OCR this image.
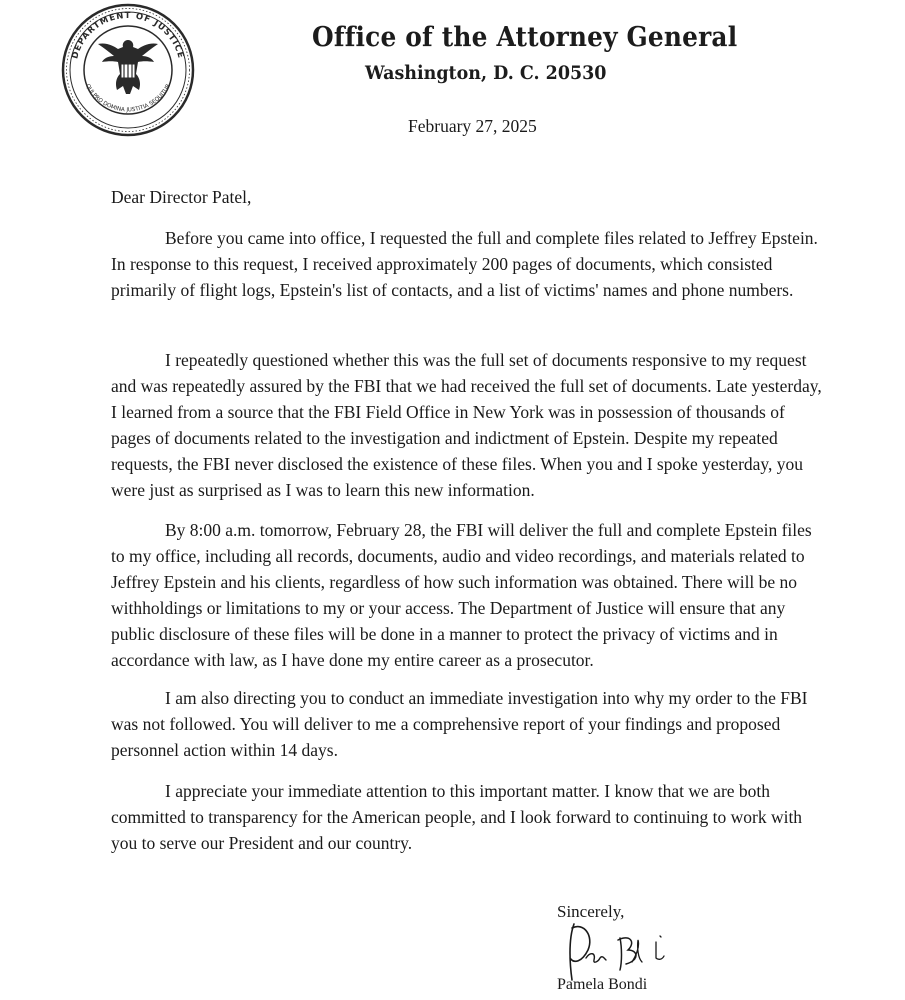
DEPARTMENT OF JUSTICE
QUI PRO DOMINA JUSTITIA SEQUITUR
Office of the Attorney General
Washington, D. C. 20530
February 27, 2025
Dear Director Patel,

Before you came into office, I requested the full and complete files related to Jeffrey Epstein. In response to this request, I received approximately 200 pages of documents, which consisted primarily of flight logs, Epstein's list of contacts, and a list of victims' names and phone numbers.

I repeatedly questioned whether this was the full set of documents responsive to my request and was repeatedly assured by the FBI that we had received the full set of documents. Late yesterday, I learned from a source that the FBI Field Office in New York was in possession of thousands of pages of documents related to the investigation and indictment of Epstein. Despite my repeated requests, the FBI never disclosed the existence of these files. When you and I spoke yesterday, you were just as surprised as I was to learn this new information.

By 8:00 a.m. tomorrow, February 28, the FBI will deliver the full and complete Epstein files to my office, including all records, documents, audio and video recordings, and materials related to Jeffrey Epstein and his clients, regardless of how such information was obtained. There will be no withholdings or limitations to my or your access. The Department of Justice will ensure that any public disclosure of these files will be done in a manner to protect the privacy of victims and in accordance with law, as I have done my entire career as a prosecutor.

I am also directing you to conduct an immediate investigation into why my order to the FBI was not followed. You will deliver to me a comprehensive report of your findings and proposed personnel action within 14 days.

I appreciate your immediate attention to this important matter. I know that we are both committed to transparency for the American people, and I look forward to continuing to work with you to serve our President and our country.

Sincerely,
Pamela Bondi
